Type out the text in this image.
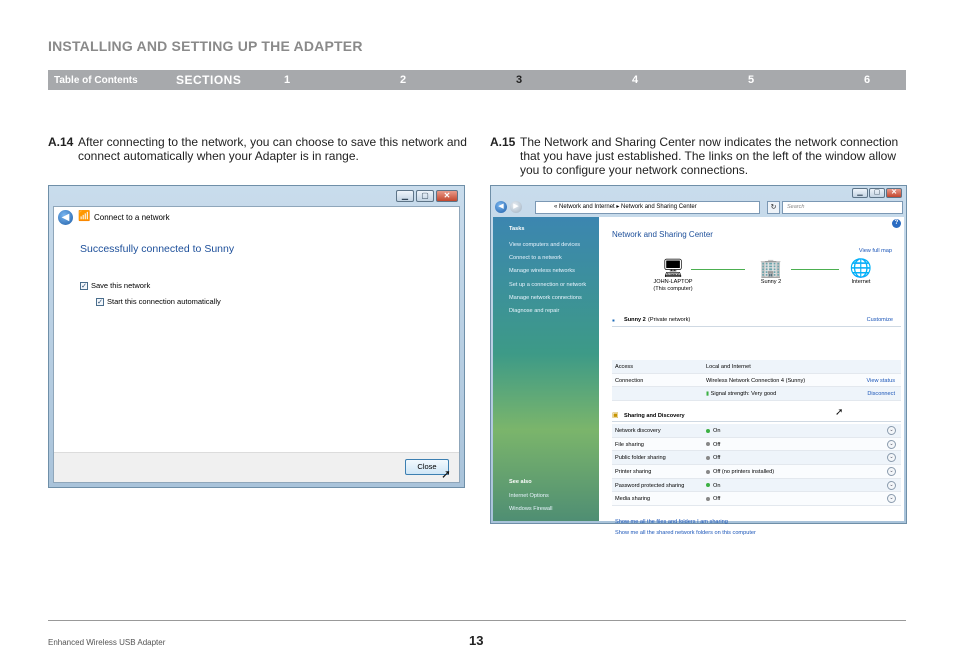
INSTALLING AND SETTING UP THE ADAPTER
Table of Contents	SECTIONS	1	2	3	4	5	6
A.14 After connecting to the network, you can choose to save this network and connect automatically when your Adapter is in range.

A.15 The Network and Sharing Center now indicates the network connection that you have just established. The links on the left of the window allow you to configure your network connections.

▁	▢	✕
◀ 📶 Connect to a network
Successfully connected to Sunny
✓ Save this network
✓ Start this connection automatically
Close
➚
▁	▢	✕
◀	▶	« Network and Internet ▸ Network and Sharing Center	↻	Search
Tasks
View computers and devices
Connect to a network
Manage wireless networks
Set up a connection or network
Manage network connections
Diagnose and repair
See also
Internet Options
Windows Firewall
?
Network and Sharing Center
View full map
🖥
JOHN-LAPTOP
(This computer)
🏢
Sunny 2
🌐
Internet
▪ Sunny 2 (Private network)	Customize
Access	Local and Internet
Connection	Wireless Network Connection 4 (Sunny)	View status
▮ Signal strength: Very good	Disconnect
➚
▣ Sharing and Discovery
Network discovery	On	⌄
File sharing	Off	⌄
Public folder sharing	Off	⌄
Printer sharing	Off (no printers installed)	⌄
Password protected sharing	On	⌄
Media sharing	Off	⌄
Show me all the files and folders I am sharing
Show me all the shared network folders on this computer
Enhanced Wireless USB Adapter	13
